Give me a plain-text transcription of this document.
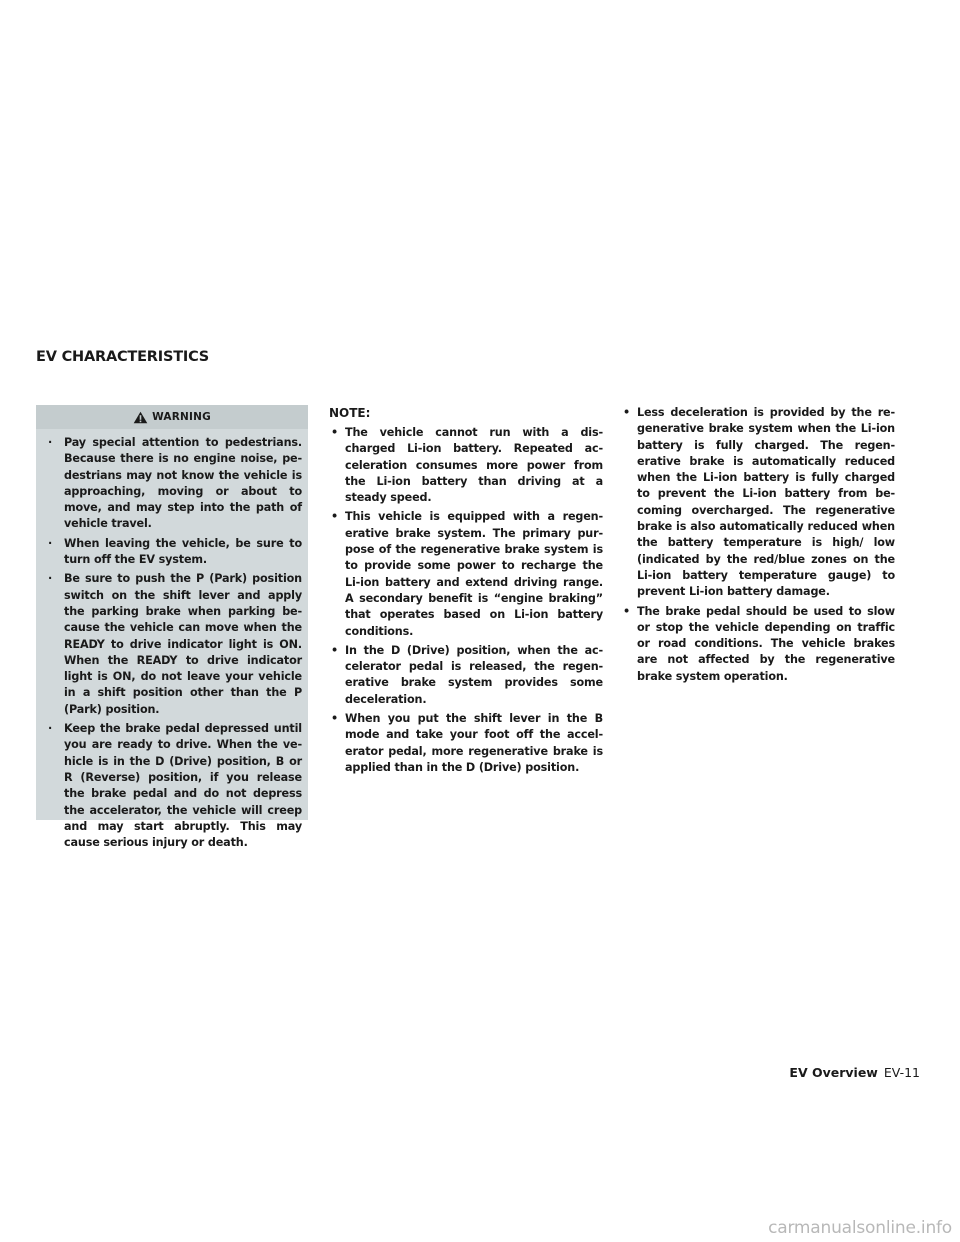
EV CHARACTERISTICS
WARNING
· Pay special attention to pedestrians. Because there is no engine noise, pe-destrians may not know the vehicle is approaching, moving or about to move, and may step into the path of vehicle travel.
· When leaving the vehicle, be sure to turn off the EV system.
· Be sure to push the P (Park) position switch on the shift lever and apply the parking brake when parking be-cause the vehicle can move when the READY to drive indicator light is ON. When the READY to drive indicator light is ON, do not leave your vehicle in a shift position other than the P (Park) position.
· Keep the brake pedal depressed until you are ready to drive. When the ve-hicle is in the D (Drive) position, B or R (Reverse) position, if you release the brake pedal and do not depress the accelerator, the vehicle will creep and may start abruptly. This may cause serious injury or death.

NOTE:

• The vehicle cannot run with a dis-charged Li-ion battery. Repeated ac-celeration consumes more power from the Li-ion battery than driving at a steady speed.
• This vehicle is equipped with a regen-erative brake system. The primary pur-pose of the regenerative brake system is to provide some power to recharge the Li-ion battery and extend driving range. A secondary benefit is “engine braking” that operates based on Li-ion battery conditions.
• In the D (Drive) position, when the ac-celerator pedal is released, the regen-erative brake system provides some deceleration.
• When you put the shift lever in the B mode and take your foot off the accel-erator pedal, more regenerative brake is applied than in the D (Drive) position.
• Less deceleration is provided by the re-generative brake system when the Li-ion battery is fully charged. The regen-erative brake is automatically reduced when the Li-ion battery is fully charged to prevent the Li-ion battery from be-coming overcharged. The regenerative brake is also automatically reduced when the battery temperature is high/ low (indicated by the red/blue zones on the Li-ion battery temperature gauge) to prevent Li-ion battery damage.
• The brake pedal should be used to slow or stop the vehicle depending on traffic or road conditions. The vehicle brakes are not affected by the regenerative brake system operation.
EV Overview EV-11
carmanualsonline.info
